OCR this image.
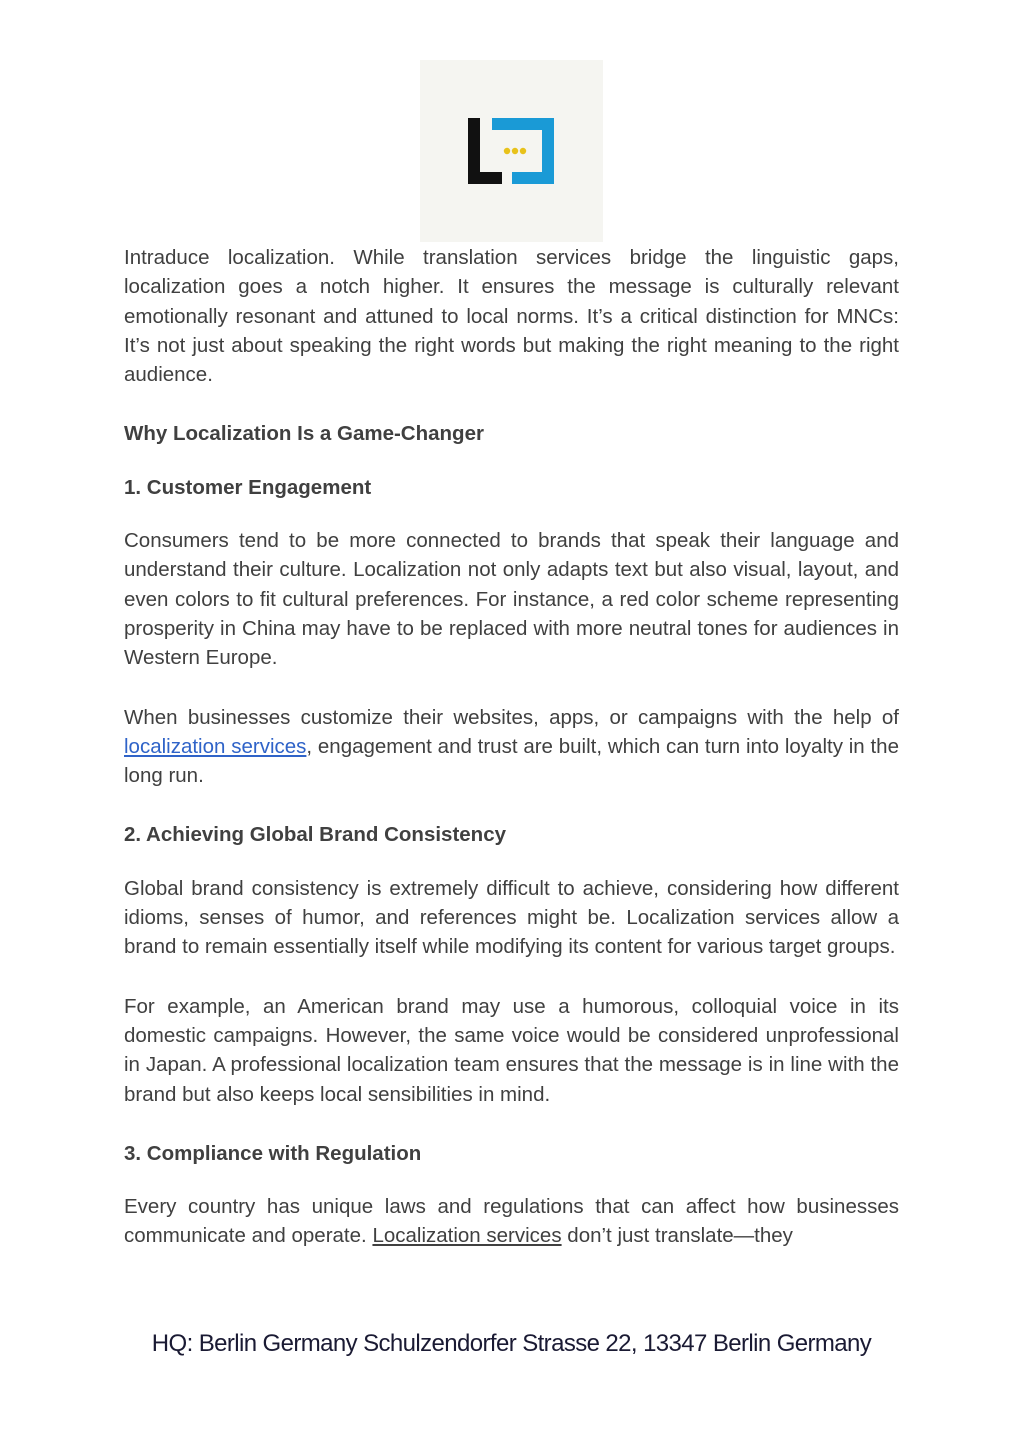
Intraduce localization. While translation services bridge the linguistic gaps, localization goes a notch higher. It ensures the message is culturally relevant emotionally resonant and attuned to local norms. It’s a critical distinction for MNCs: It’s not just about speaking the right words but making the right meaning to the right audience.

Why Localization Is a Game-Changer
1. Customer Engagement

Consumers tend to be more connected to brands that speak their language and understand their culture. Localization not only adapts text but also visual, layout, and even colors to fit cultural preferences. For instance, a red color scheme representing prosperity in China may have to be replaced with more neutral tones for audiences in Western Europe.

When businesses customize their websites, apps, or campaigns with the help of localization services, engagement and trust are built, which can turn into loyalty in the long run.

2. Achieving Global Brand Consistency

Global brand consistency is extremely difficult to achieve, considering how different idioms, senses of humor, and references might be. Localization services allow a brand to remain essentially itself while modifying its content for various target groups.

For example, an American brand may use a humorous, colloquial voice in its domestic campaigns. However, the same voice would be considered unprofessional in Japan. A professional localization team ensures that the message is in line with the brand but also keeps local sensibilities in mind.

3. Compliance with Regulation

Every country has unique laws and regulations that can affect how businesses communicate and operate. Localization services don’t just translate—they

HQ: Berlin Germany Schulzendorfer Strasse 22, 13347 Berlin Germany
